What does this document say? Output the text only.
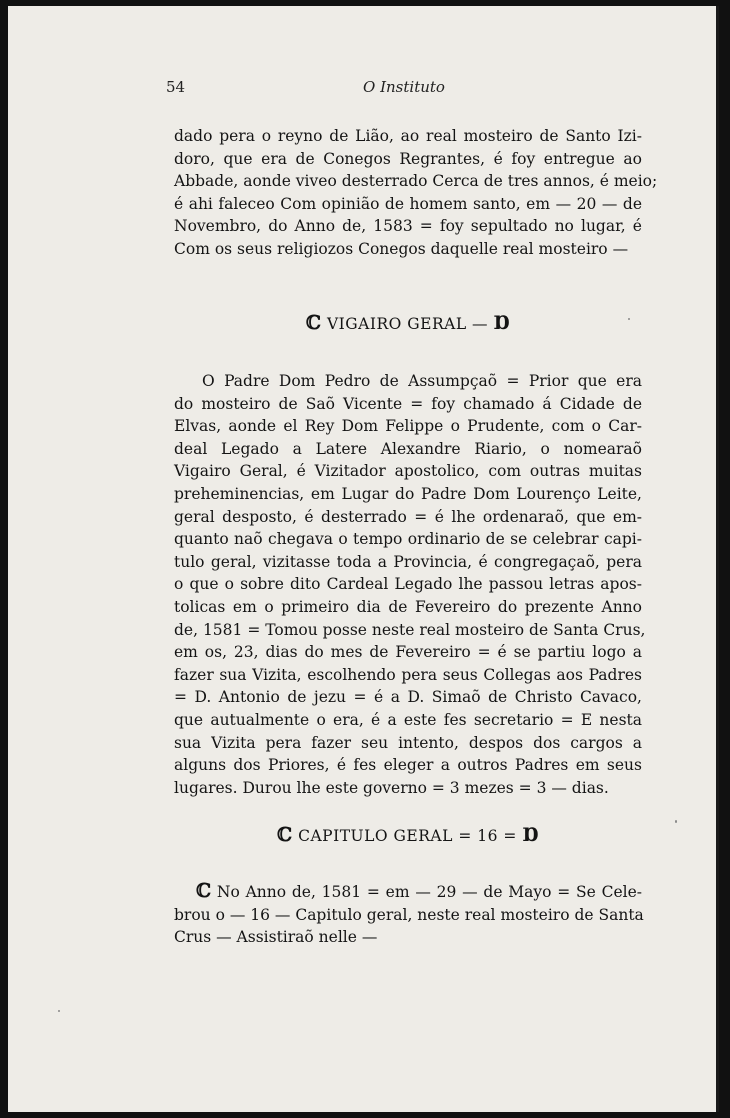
54	O Instituto
dado pera o reyno de Lião, ao real mosteiro de Santo Izi-
doro, que era de Conegos Regrantes, é foy entregue ao
Abbade, aonde viveo desterrado Cerca de tres annos, é meio;
é ahi faleceo Com opinião de homem santo, em — 20 — de
Novembro, do Anno de, 1583 = foy sepultado no lugar, é
Com os seus religiozos Conegos daquelle real mosteiro —
ℂ VIGAIRO GERAL — Ɒ
O Padre Dom Pedro de Assumpçaõ = Prior que era
do mosteiro de Saõ Vicente = foy chamado á Cidade de
Elvas, aonde el Rey Dom Felippe o Prudente, com o Car-
deal Legado a Latere Alexandre Riario, o nomearaõ
Vigairo Geral, é Vizitador apostolico, com outras muitas
preheminencias, em Lugar do Padre Dom Lourenço Leite,
geral desposto, é desterrado = é lhe ordenaraõ, que em-
quanto naõ chegava o tempo ordinario de se celebrar capi-
tulo geral, vizitasse toda a Provincia, é congregaçaõ, pera
o que o sobre dito Cardeal Legado lhe passou letras apos-
tolicas em o primeiro dia de Fevereiro do prezente Anno
de, 1581 = Tomou posse neste real mosteiro de Santa Crus,
em os, 23, dias do mes de Fevereiro = é se partiu logo a
fazer sua Vizita, escolhendo pera seus Collegas aos Padres
= D. Antonio de jezu = é a D. Simaõ de Christo Cavaco,
que autualmente o era, é a este fes secretario = E nesta
sua Vizita pera fazer seu intento, despos dos cargos a
alguns dos Priores, é fes eleger a outros Padres em seus
lugares. Durou lhe este governo = 3 mezes = 3 — dias.
ℂ CAPITULO GERAL = 16 = Ɒ
ℂ No Anno de, 1581 = em — 29 — de Mayo = Se Cele-
brou o — 16 — Capitulo geral, neste real mosteiro de Santa
Crus — Assistiraõ nelle —
